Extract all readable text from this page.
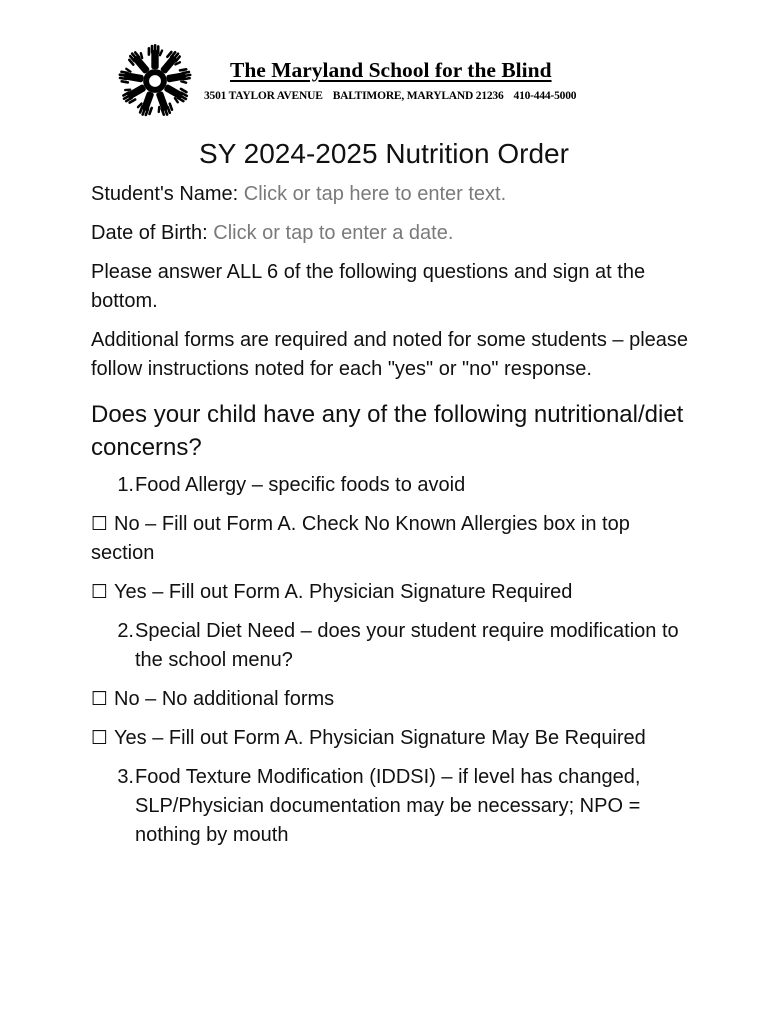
The Maryland School for the Blind
3501 TAYLOR AVENUE BALTIMORE, MARYLAND 21236 410-444-5000
SY 2024-2025 Nutrition Order

Student's Name: Click or tap here to enter text.

Date of Birth: Click or tap to enter a date.

Please answer ALL 6 of the following questions and sign at the bottom.

Additional forms are required and noted for some students – please follow instructions noted for each "yes" or "no" response.

Does your child have any of the following nutritional/diet concerns?
1. Food Allergy – specific foods to avoid
☐ No – Fill out Form A. Check No Known Allergies box in top section
☐ Yes – Fill out Form A. Physician Signature Required
2. Special Diet Need – does your student require modification to the school menu?
☐ No – No additional forms
☐ Yes – Fill out Form A. Physician Signature May Be Required
3. Food Texture Modification (IDDSI) – if level has changed, SLP/Physician documentation may be necessary; NPO = nothing by mouth
